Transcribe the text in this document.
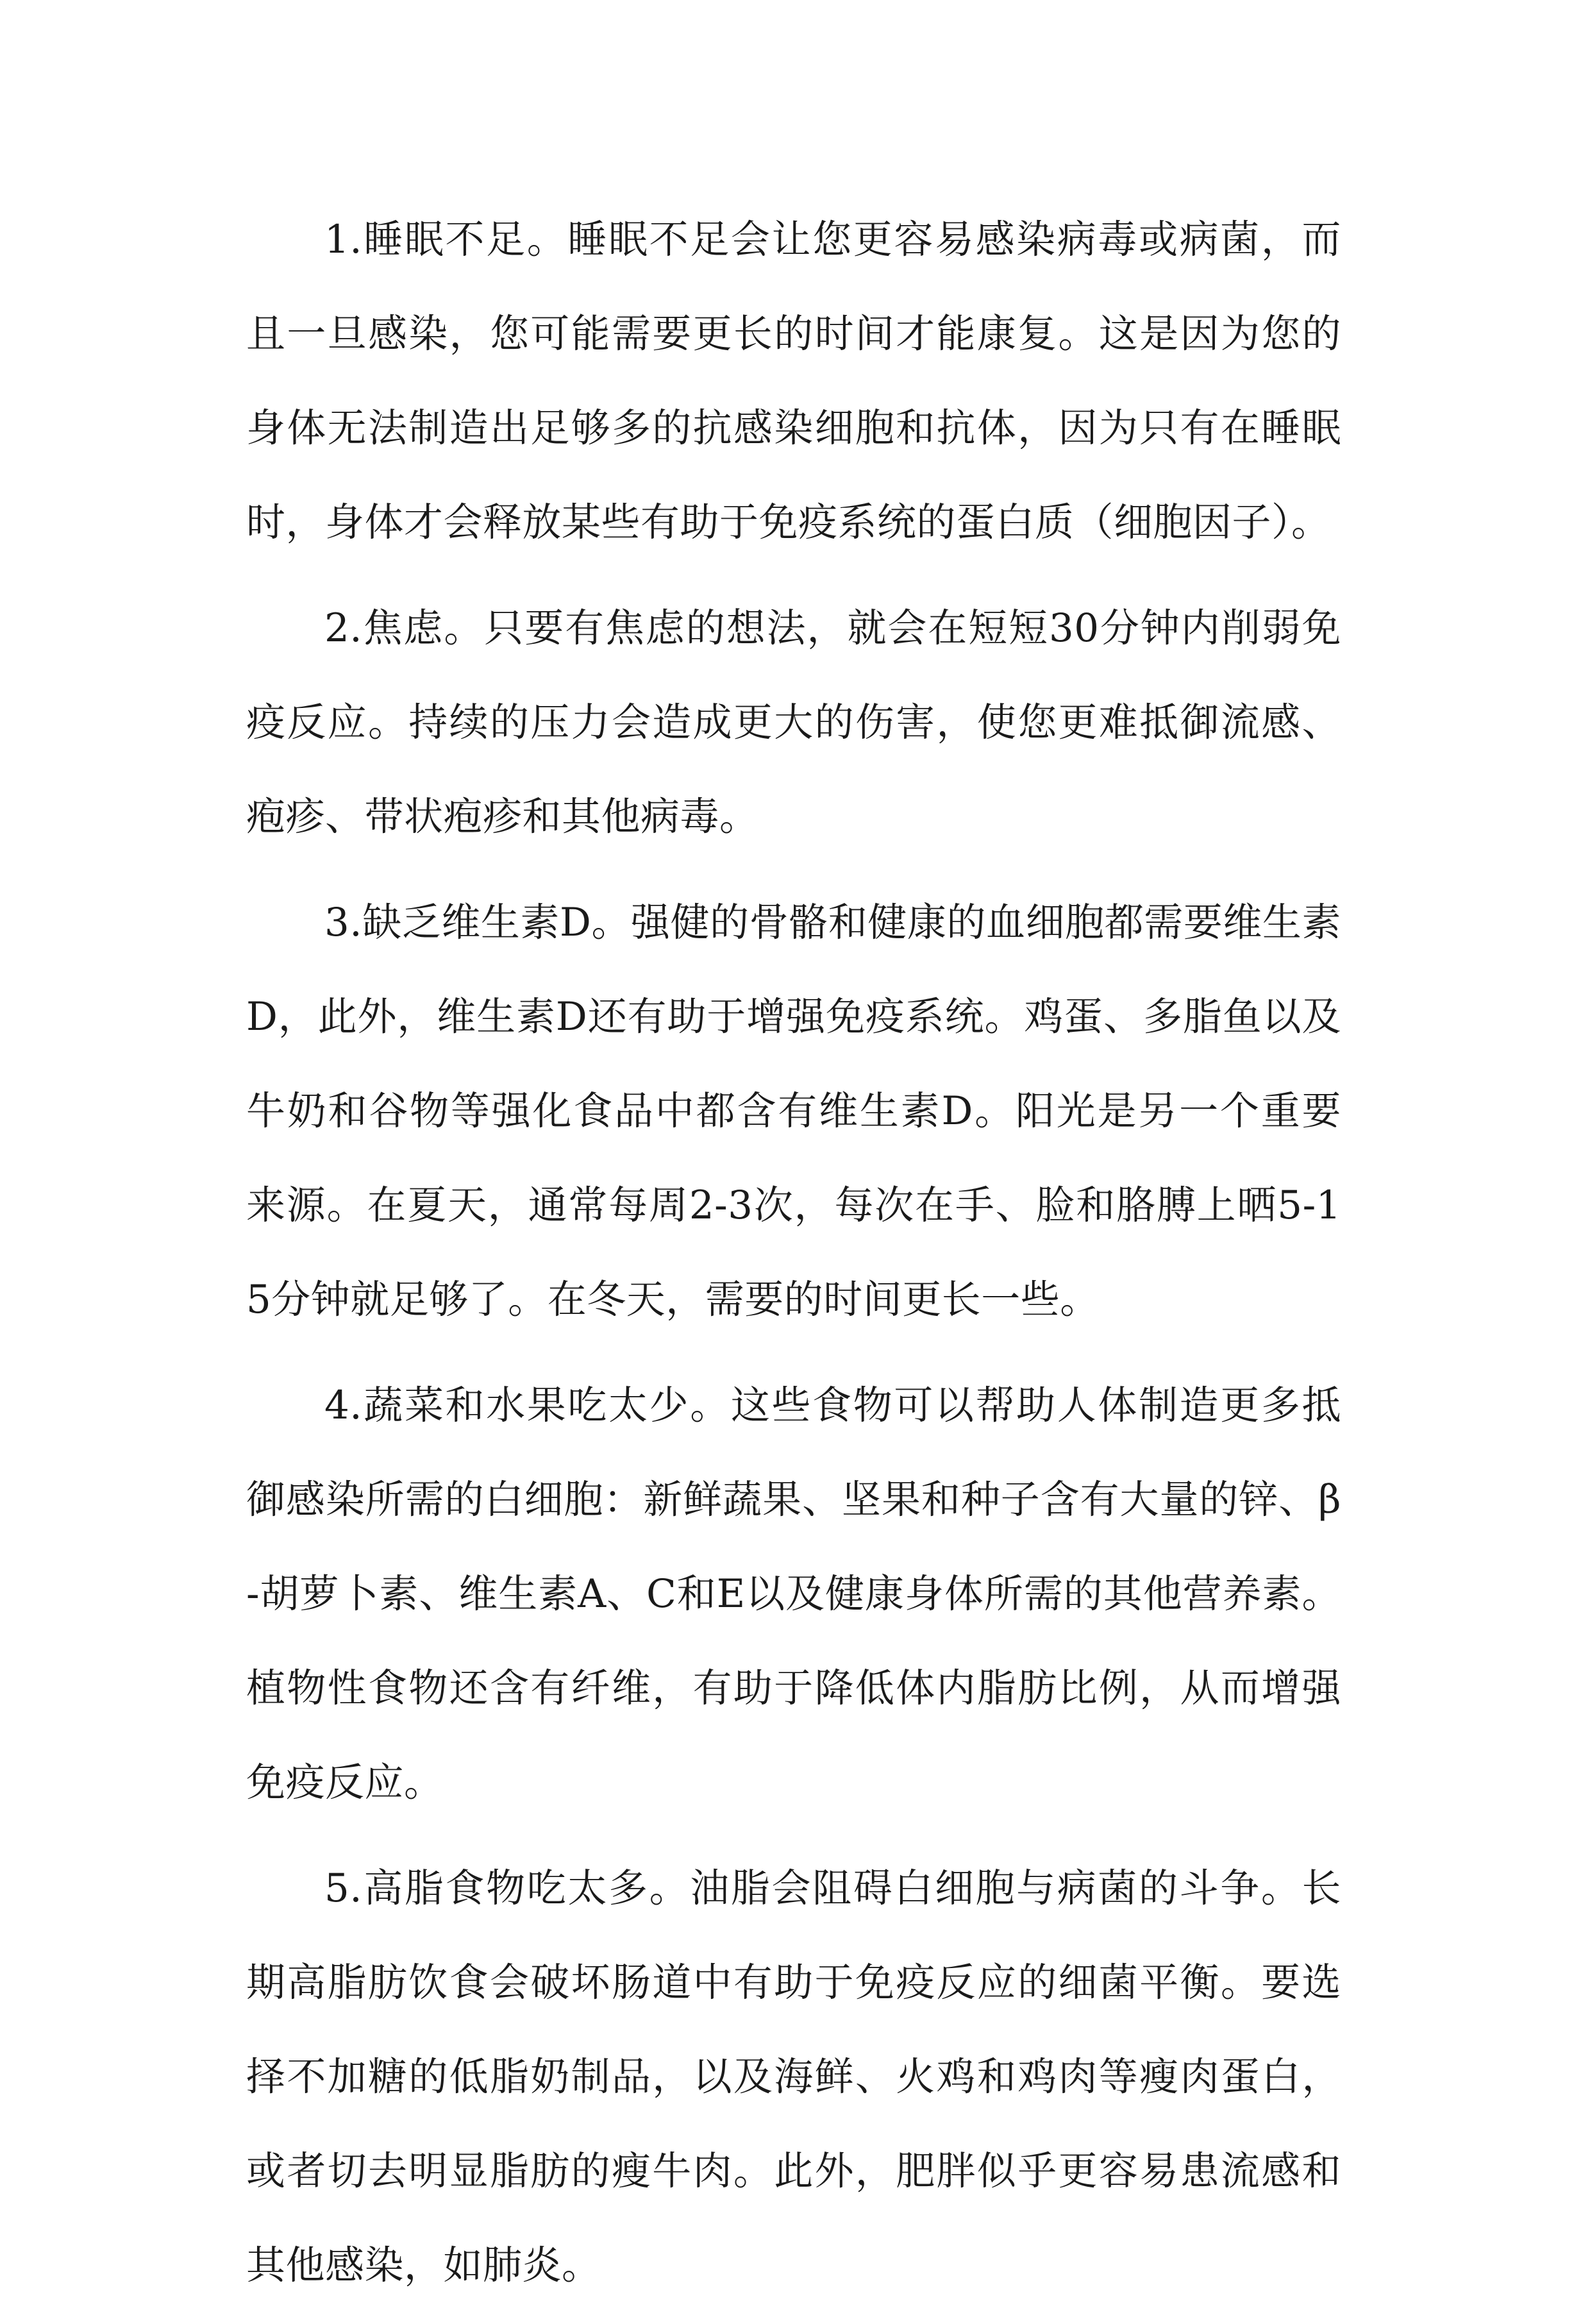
1.睡眠不足。睡眠不足会让您更容易感染病毒或病菌，而且一旦感染，您可能需要更长的时间才能康复。这是因为您的身体无法制造出足够多的抗感染细胞和抗体，因为只有在睡眠时，身体才会释放某些有助于免疫系统的蛋白质（细胞因子）。

2.焦虑。只要有焦虑的想法，就会在短短30分钟内削弱免疫反应。持续的压力会造成更大的伤害，使您更难抵御流感、疱疹、带状疱疹和其他病毒。

3.缺乏维生素D。强健的骨骼和健康的血细胞都需要维生素D，此外，维生素D还有助于增强免疫系统。鸡蛋、多脂鱼以及牛奶和谷物等强化食品中都含有维生素D。阳光是另一个重要来源。在夏天，通常每周2-3次，每次在手、脸和胳膊上晒5-15分钟就足够了。在冬天，需要的时间更长一些。

4.蔬菜和水果吃太少。这些食物可以帮助人体制造更多抵御感染所需的白细胞：新鲜蔬果、坚果和种子含有大量的锌、β-胡萝卜素、维生素A、C和E以及健康身体所需的其他营养素。植物性食物还含有纤维，有助于降低体内脂肪比例，从而增强免疫反应。

5.高脂食物吃太多。油脂会阻碍白细胞与病菌的斗争。长期高脂肪饮食会破坏肠道中有助于免疫反应的细菌平衡。要选择不加糖的低脂奶制品，以及海鲜、火鸡和鸡肉等瘦肉蛋白，或者切去明显脂肪的瘦牛肉。此外，肥胖似乎更容易患流感和其他感染，如肺炎。
